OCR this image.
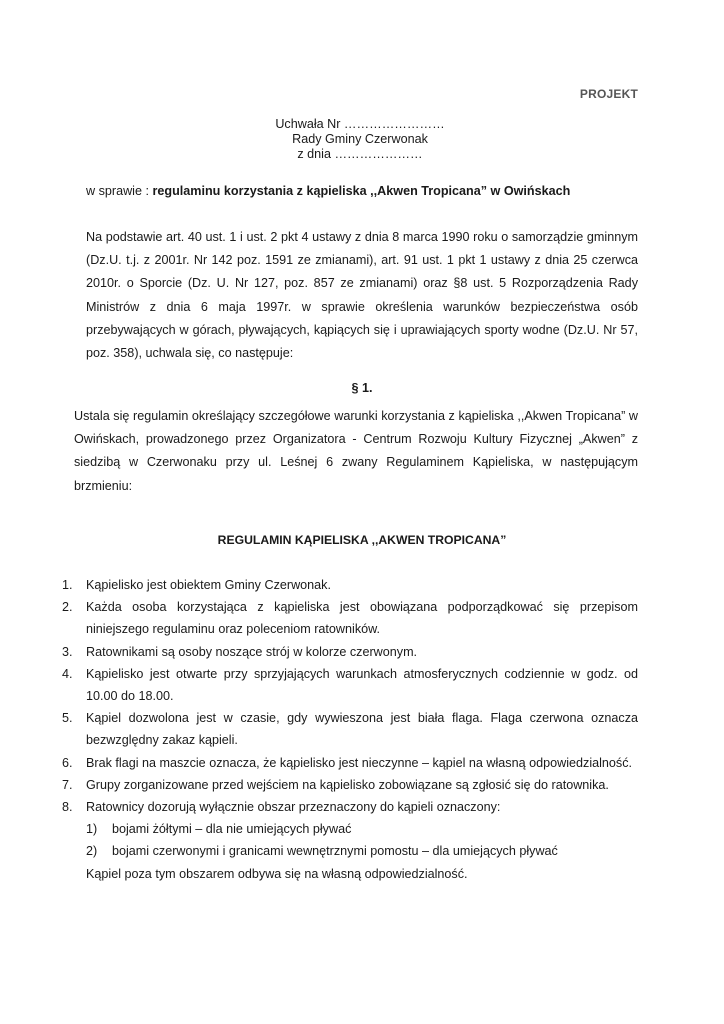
PROJEKT
Uchwała Nr ……………………
Rady Gminy Czerwonak
z dnia …………………
w sprawie : regulaminu korzystania z kąpieliska ,,Akwen Tropicana” w Owińskach
Na podstawie art. 40 ust. 1 i ust. 2 pkt 4 ustawy z dnia 8 marca 1990 roku o samorządzie gminnym (Dz.U. t.j. z 2001r. Nr 142 poz. 1591 ze zmianami), art. 91 ust. 1 pkt 1 ustawy z dnia 25 czerwca 2010r. o Sporcie (Dz. U. Nr 127, poz. 857 ze zmianami) oraz §8 ust. 5 Rozporządzenia Rady Ministrów z dnia 6 maja 1997r. w sprawie określenia warunków bezpieczeństwa osób przebywających w górach, pływających, kąpiących się i uprawiających sporty wodne (Dz.U. Nr 57, poz. 358), uchwala się, co następuje:
§ 1.
Ustala się regulamin określający szczegółowe warunki korzystania z kąpieliska ,,Akwen Tropicana” w Owińskach, prowadzonego przez Organizatora - Centrum Rozwoju Kultury Fizycznej „Akwen” z siedzibą w Czerwonaku przy ul. Leśnej 6 zwany Regulaminem Kąpieliska, w następującym brzmieniu:
REGULAMIN KĄPIELISKA ,,AKWEN TROPICANA”
1. Kąpielisko jest obiektem Gminy Czerwonak.
2. Każda osoba korzystająca z kąpieliska jest obowiązana podporządkować się przepisom niniejszego regulaminu oraz poleceniom ratowników.
3. Ratownikami są osoby noszące strój w kolorze czerwonym.
4. Kąpielisko jest otwarte przy sprzyjających warunkach atmosferycznych codziennie w godz. od 10.00 do 18.00.
5. Kąpiel dozwolona jest w czasie, gdy wywieszona jest biała flaga. Flaga czerwona oznacza bezwzględny zakaz kąpieli.
6. Brak flagi na maszcie oznacza, że kąpielisko jest nieczynne – kąpiel na własną odpowiedzialność.
7. Grupy zorganizowane przed wejściem na kąpielisko zobowiązane są zgłosić się do ratownika.
8. Ratownicy dozorują wyłącznie obszar przeznaczony do kąpieli oznaczony:
1) bojami żółtymi – dla nie umiejących pływać
2) bojami czerwonymi i granicami wewnętrznymi pomostu – dla umiejących pływać
Kąpiel poza tym obszarem odbywa się na własną odpowiedzialność.
